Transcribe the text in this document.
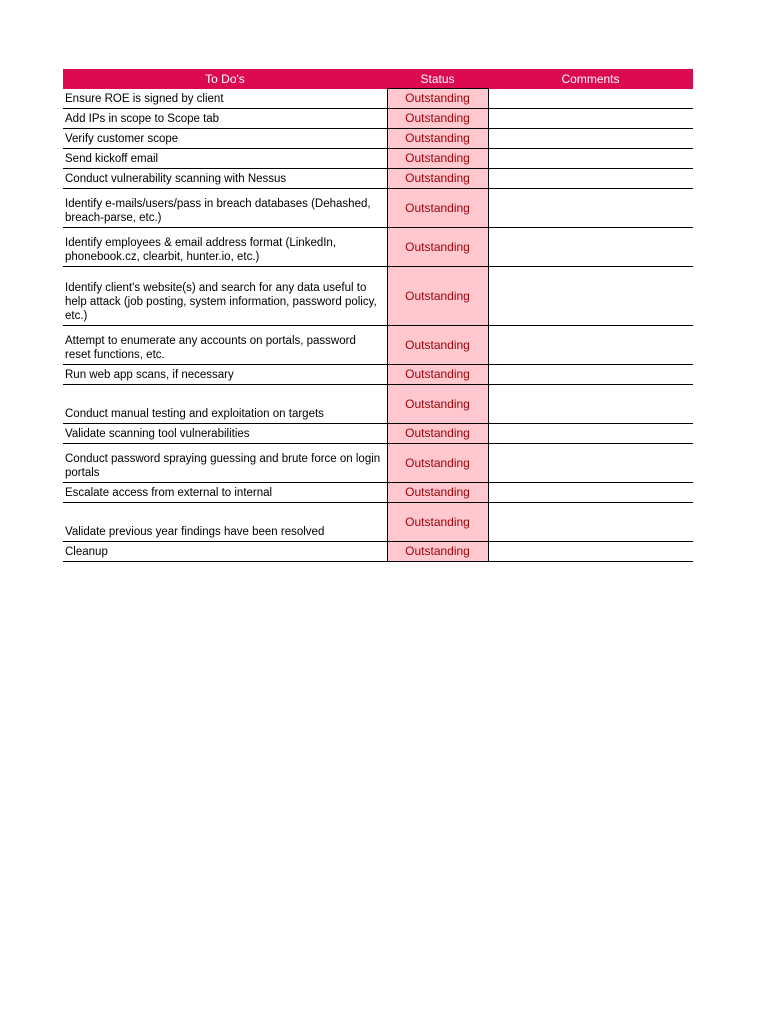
To Do's	Status	Comments
Ensure ROE is signed by client	Outstanding	
Add IPs in scope to Scope tab	Outstanding	
Verify customer scope	Outstanding	
Send kickoff email	Outstanding	
Conduct vulnerability scanning with Nessus	Outstanding	
Identify e-mails/users/pass in breach databases (Dehashed, breach-parse, etc.)	Outstanding	
Identify employees & email address format (LinkedIn, phonebook.cz, clearbit, hunter.io, etc.)	Outstanding	
Identify client's website(s) and search for any data useful to help attack (job posting, system information, password policy, etc.)	Outstanding	
Attempt to enumerate any accounts on portals, password reset functions, etc.	Outstanding	
Run web app scans, if necessary	Outstanding	
Conduct manual testing and exploitation on targets	Outstanding	
Validate scanning tool vulnerabilities	Outstanding	
Conduct password spraying guessing and brute force on login portals	Outstanding	
Escalate access from external to internal	Outstanding	
Validate previous year findings have been resolved	Outstanding	
Cleanup	Outstanding	
